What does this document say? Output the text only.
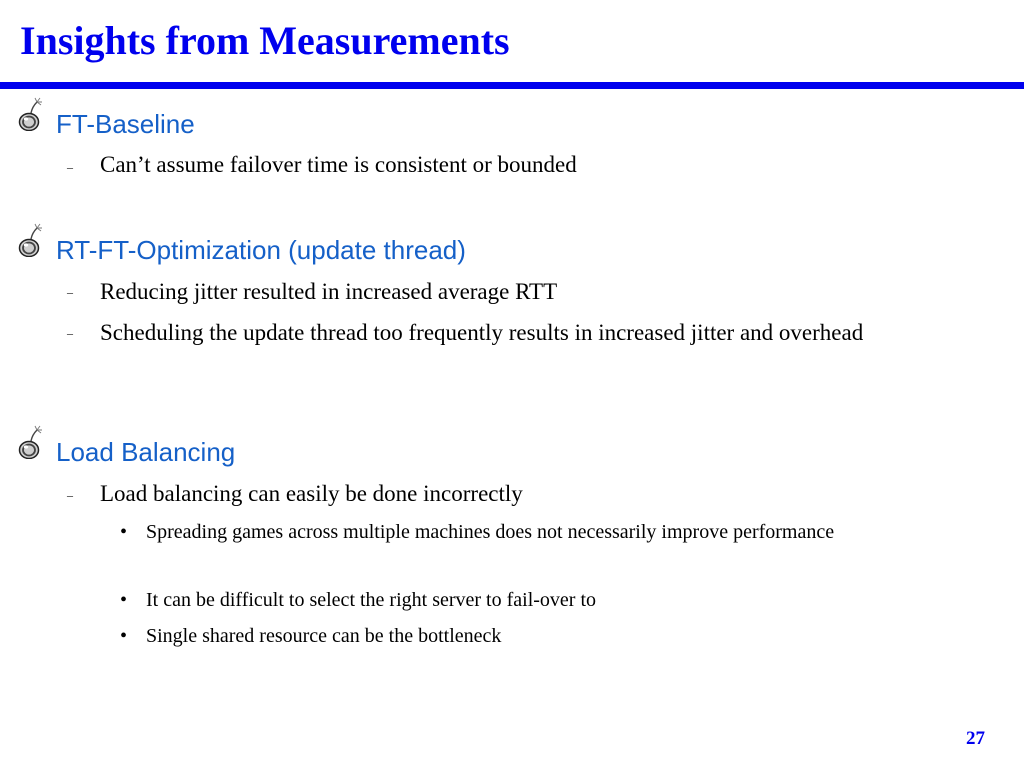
Insights from Measurements
FT-Baseline
– Can’t assume failover time is consistent or bounded
RT-FT-Optimization (update thread)
– Reducing jitter resulted in increased average RTT
– Scheduling the update thread too frequently results in increased jitter and overhead
Load Balancing
– Load balancing can easily be done incorrectly
• Spreading games across multiple machines does not necessarily improve performance
• It can be difficult to select the right server to fail-over to
• Single shared resource can be the bottleneck
27
